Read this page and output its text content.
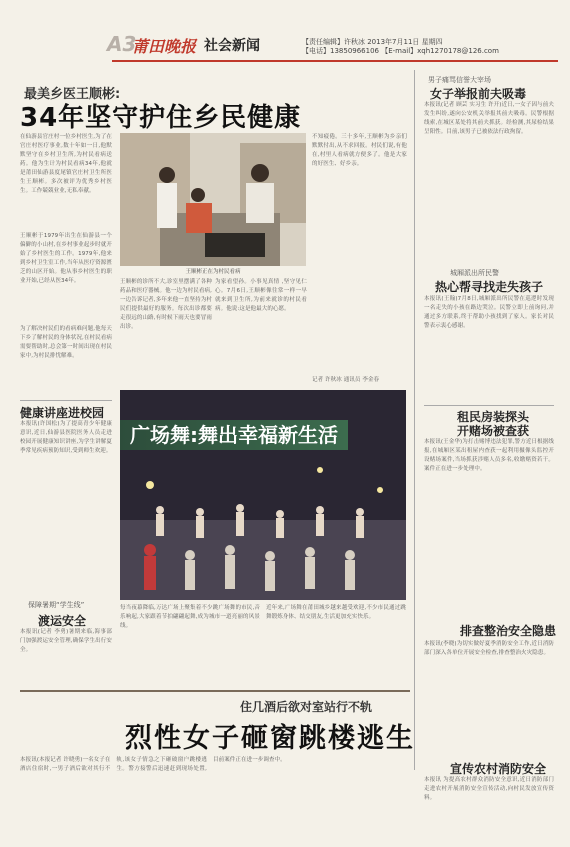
A3
莆田晚报 社会新闻	【责任编辑】许秋冰 2013年7月11日 星期四
【电话】13850966106 【E-mail】xqh1270178@126.com
最美乡医王顺彬:
34年坚守护住乡民健康
在仙游县官庄村一位乡村医生,为了在官庄村医疗事业,数十年如一日,他默默坚守在乡村卫生所,为村民看病送药。他为生计为村民看病34年,他就是莆田仙游县度尾镇官庄村卫生所医生王顺彬。多次被评为优秀乡村医生。工作兢兢业业,无私奉献。
王顺彬于1979年出生在仙游县一个偏僻的小山村,在乡村事业起步时就开始了乡村医生的工作。1979年,他来到乡村卫生室工作,当年从医疗资源匮乏的山区开始。他从事乡村医生的职业开始,已经从医34年。
为了解决村民们的看病难问题,他每天下乡了解村民的身体状况,在村民看病需要帮助时,总会第一时间出现在村民家中,为村民排忧解难。
王顺彬正在为村民看病
王顺彬的诊所不大,诊室里摆满了各种药品和医疗器械。他一边为村民看病,一边告诉记者,多年来他一直坚持为村民们提供最好的服务。每次出诊都要走很远的山路,有时候下雨天也要冒雨出诊。
为家看望孙。小事见真情 ,坚守见仁心。7月6日,王顺彬像往常一样一早就来到卫生所,为前来就诊的村民看病。他说:这是他最大的心愿。
不知疲倦。三十多年,王顺彬为乡亲们默默付出,从不求回报。村民们说,有他在,村里人看病就方便多了。他是大家的好医生、好乡亲。
记者 许秋冰 通讯员 李金春
男子痛骂信誉大宰场
女子举报前夫吸毒
本报讯(记者 顾芸 实习生 许开)近日,一女子因与前夫发生纠纷,遂向公安机关举报其前夫吸毒。民警根据线索,在城区某处将其前夫抓获。经检测,其尿检结果呈阳性。目前,该男子已被依法行政拘留。
城厢派出所民警
热心帮寻找走失孩子
本报讯(王翰)7月8日,城厢派出所民警在巡逻时发现一名走失的小孩在路边哭泣。民警立即上前询问,并通过多方联系,终于帮助小孩找到了家人。家长对民警表示衷心感谢。
租民房装探头
开赌场被查获
本报讯(王金华)为打击赌博违法犯罪,警方近日根据线报,在城厢区某出租屋内查获一起利用摄像头监控开设赌场案件,当场抓获涉赌人员多名,收缴赌资若干。案件正在进一步处理中。
排查整治安全隐患
本报讯(李晓)为切实做好夏季消防安全工作,近日消防部门深入各单位开展安全检查,排查整治火灾隐患。
健康讲座进校园
本报讯(许国松)为了提高青少年健康意识,近日,仙游县医院医务人员走进校园开展健康知识讲座,为学生讲解夏季常见疾病预防知识,受到师生欢迎。
保障暑期“学生线”
渡运安全
本报讯(记者 李勇)暑期来临,海事部门加强渡运安全管理,确保学生出行安全。
广场舞:舞出幸福新生活
每当夜幕降临,万达广场上聚集着不少跳广场舞的市民,音乐响起,大家跟着节拍翩翩起舞,成为城市一道亮丽的风景线。
近年来,广场舞在莆田城乡越来越受欢迎,不少市民通过跳舞锻炼身体、结交朋友,生活更加充实快乐。
住几酒后欲对室站行不轨
烈性女子砸窗跳楼逃生
本报讯(本报记者 许晓勇)一名女子在酒店住宿时,一男子酒后欲对其行不轨,该女子情急之下砸破窗户跳楼逃生。警方接警后迅速赶到现场处置,目前案件正在进一步调查中。
宣传农村消防安全
本报讯 为提高农村群众消防安全意识,近日消防部门走进农村开展消防安全宣传活动,向村民发放宣传资料。
